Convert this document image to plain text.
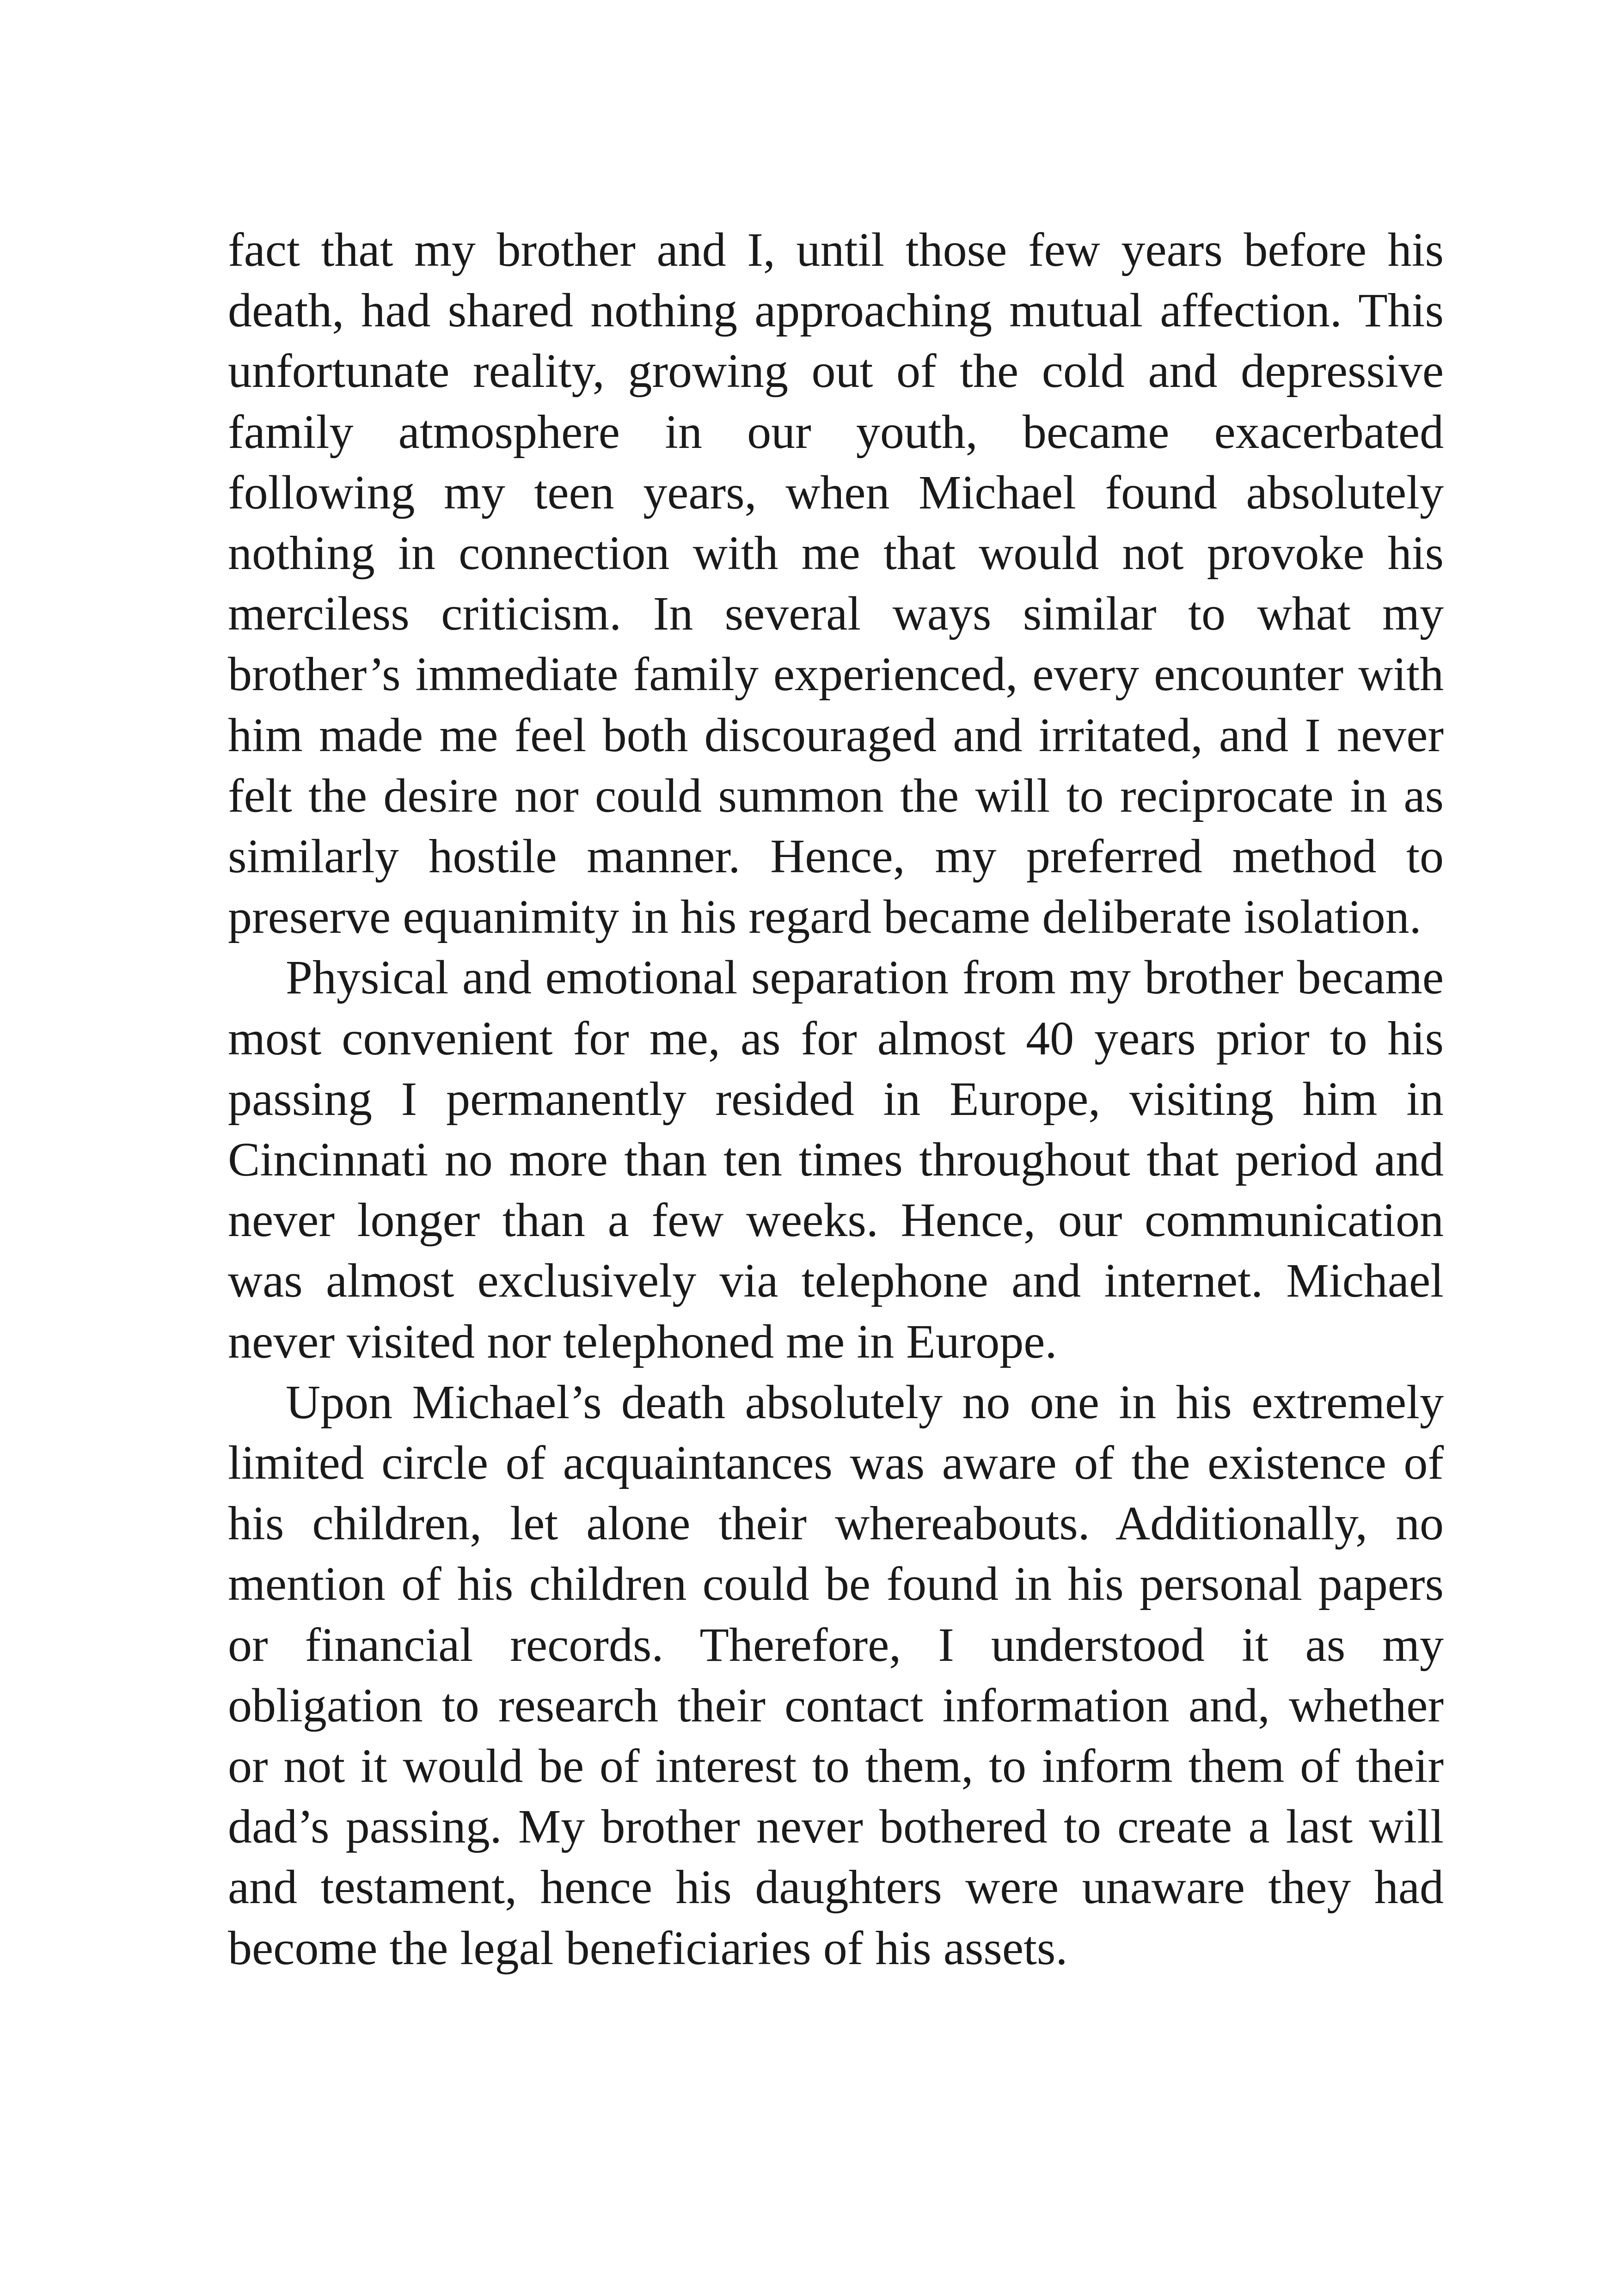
fact that my brother and I, until those few years before his death, had shared nothing approaching mutual affection. This unfortunate reality, growing out of the cold and depressive family atmosphere in our youth, became exacerbated following my teen years, when Michael found absolutely nothing in connection with me that would not provoke his merciless criticism. In several ways similar to what my brother’s immediate family experienced, every encounter with him made me feel both discouraged and irritated, and I never felt the desire nor could summon the will to reciprocate in as similarly hostile manner. Hence, my preferred method to preserve equanimity in his regard became deliberate isolation.

Physical and emotional separation from my brother became most convenient for me, as for almost 40 years prior to his passing I permanently resided in Europe, visiting him in Cincinnati no more than ten times throughout that period and never longer than a few weeks. Hence, our communication was almost exclusively via telephone and internet. Michael never visited nor telephoned me in Europe.

Upon Michael’s death absolutely no one in his extremely limited circle of acquaintances was aware of the existence of his children, let alone their whereabouts. Additionally, no mention of his children could be found in his personal papers or financial records. Therefore, I understood it as my obligation to research their contact information and, whether or not it would be of interest to them, to inform them of their dad’s passing. My brother never bothered to create a last will and testament, hence his daughters were unaware they had become the legal beneficiaries of his assets.
